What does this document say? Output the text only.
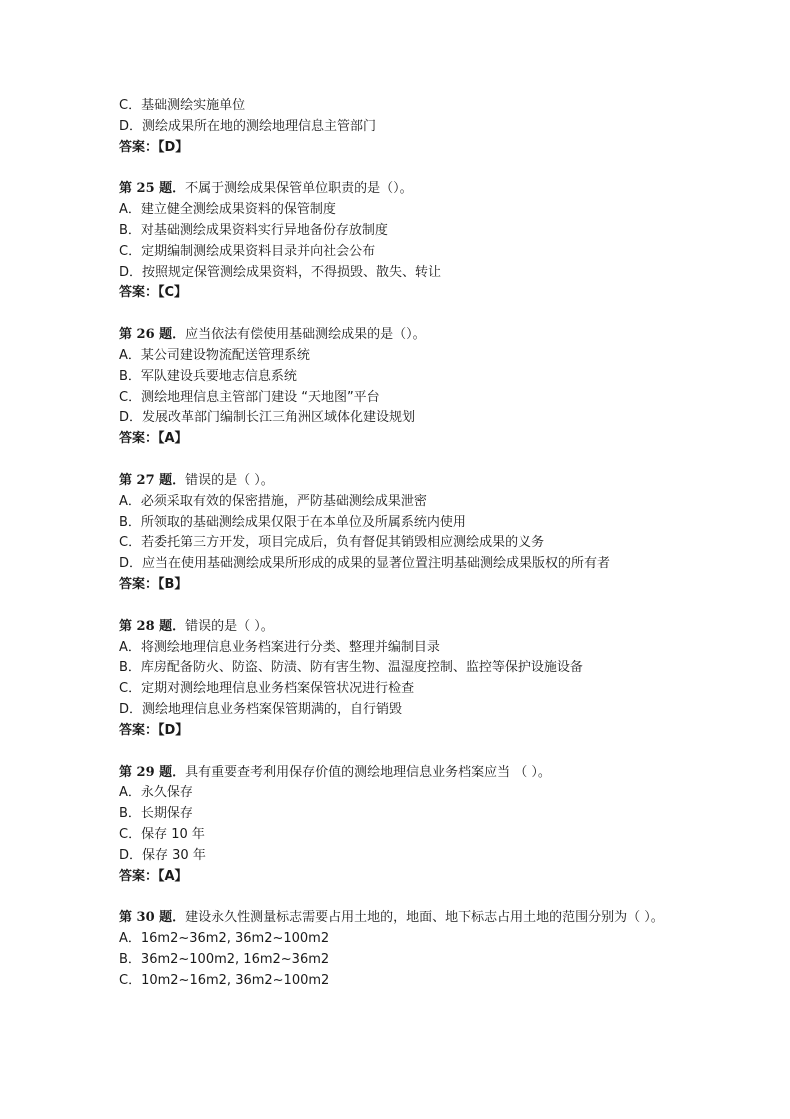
C．基础测绘实施单位
D．测绘成果所在地的测绘地理信息主管部门
答案：【D】
第 25 题．不属于测绘成果保管单位职责的是（）。
A．建立健全测绘成果资料的保管制度
B．对基础测绘成果资料实行异地备份存放制度
C．定期编制测绘成果资料目录并向社会公布
D．按照规定保管测绘成果资料，不得损毁、散失、转让
答案：【C】
第 26 题．应当依法有偿使用基础测绘成果的是（）。
A．某公司建设物流配送管理系统
B．军队建设兵要地志信息系统
C．测绘地理信息主管部门建设 “天地图”平台
D．发展改革部门编制长江三角洲区域体化建设规划
答案：【A】
第 27 题．错误的是（ ）。
A．必须采取有效的保密措施，严防基础测绘成果泄密
B．所领取的基础测绘成果仅限于在本单位及所属系统内使用
C．若委托第三方开发，项目完成后，负有督促其销毁相应测绘成果的义务
D．应当在使用基础测绘成果所形成的成果的显著位置注明基础测绘成果版权的所有者
答案：【B】
第 28 题．错误的是（ ）。
A．将测绘地理信息业务档案进行分类、整理并编制目录
B．库房配备防火、防盗、防渍、防有害生物、温湿度控制、监控等保护设施设备
C．定期对测绘地理信息业务档案保管状况进行检查
D．测绘地理信息业务档案保管期满的，自行销毁
答案：【D】
第 29 题．具有重要查考利用保存价值的测绘地理信息业务档案应当 （ ）。
A．永久保存
B．长期保存
C．保存 10 年
D．保存 30 年
答案：【A】
第 30 题．建设永久性测量标志需要占用土地的，地面、地下标志占用土地的范围分别为（ ）。
A．16m2~36m2, 36m2~100m2
B．36m2~100m2, 16m2~36m2
C．10m2~16m2, 36m2~100m2
